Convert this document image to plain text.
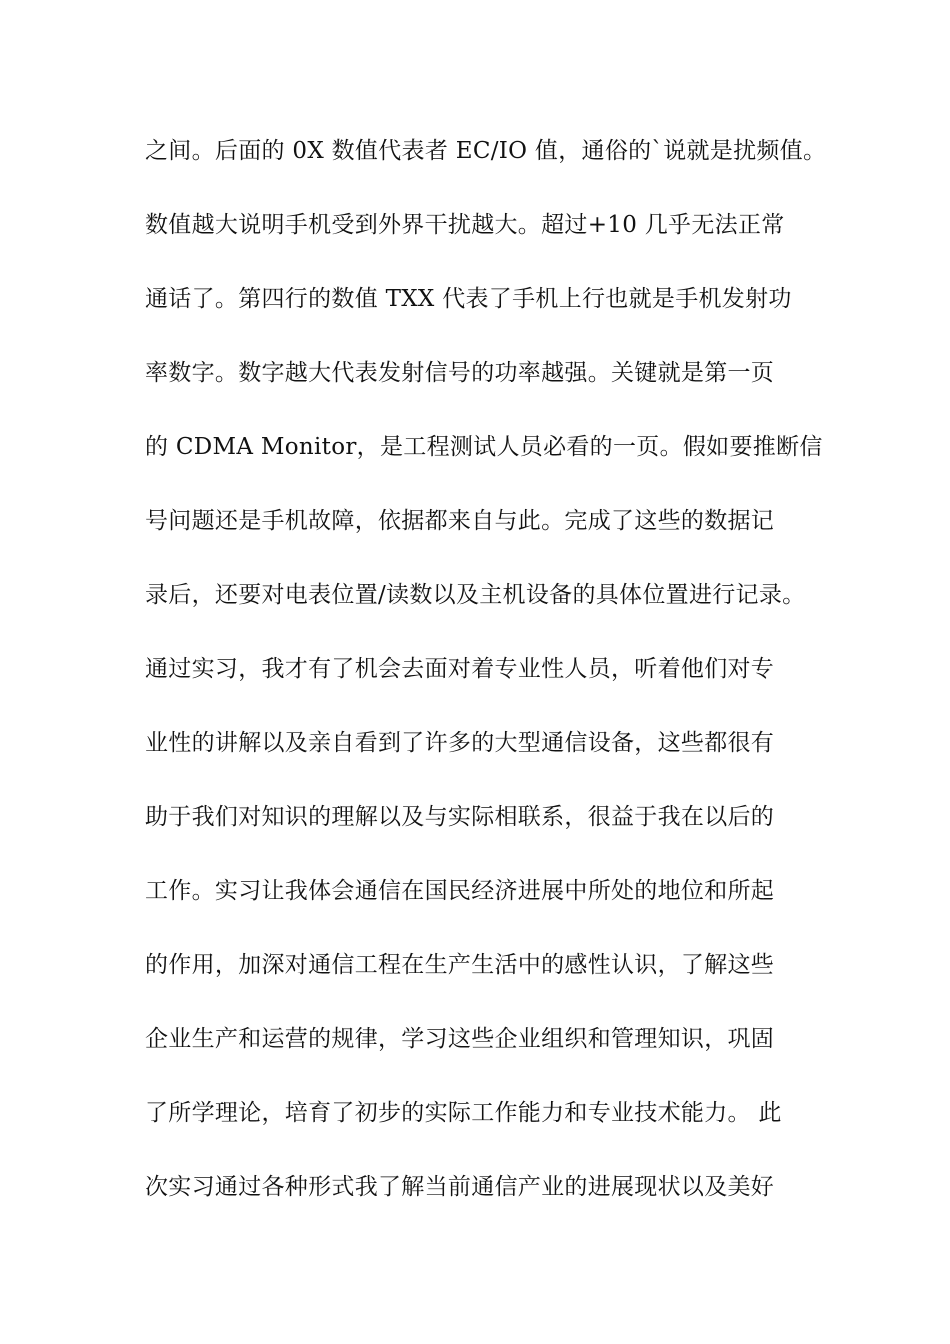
之间。后面的 0X 数值代表者 EC/IO 值，通俗的`说就是扰频值。
数值越大说明手机受到外界干扰越大。超过+10 几乎无法正常
通话了。第四行的数值 TXX 代表了手机上行也就是手机发射功
率数字。数字越大代表发射信号的功率越强。关键就是第一页
的 CDMA Monitor，是工程测试人员必看的一页。假如要推断信
号问题还是手机故障，依据都来自与此。完成了这些的数据记
录后，还要对电表位置/读数以及主机设备的具体位置进行记录。
通过实习，我才有了机会去面对着专业性人员，听着他们对专
业性的讲解以及亲自看到了许多的大型通信设备，这些都很有
助于我们对知识的理解以及与实际相联系，很益于我在以后的
工作。实习让我体会通信在国民经济进展中所处的地位和所起
的作用，加深对通信工程在生产生活中的感性认识，了解这些
企业生产和运营的规律，学习这些企业组织和管理知识，巩固
了所学理论，培育了初步的实际工作能力和专业技术能力。 此
次实习通过各种形式我了解当前通信产业的进展现状以及美好
